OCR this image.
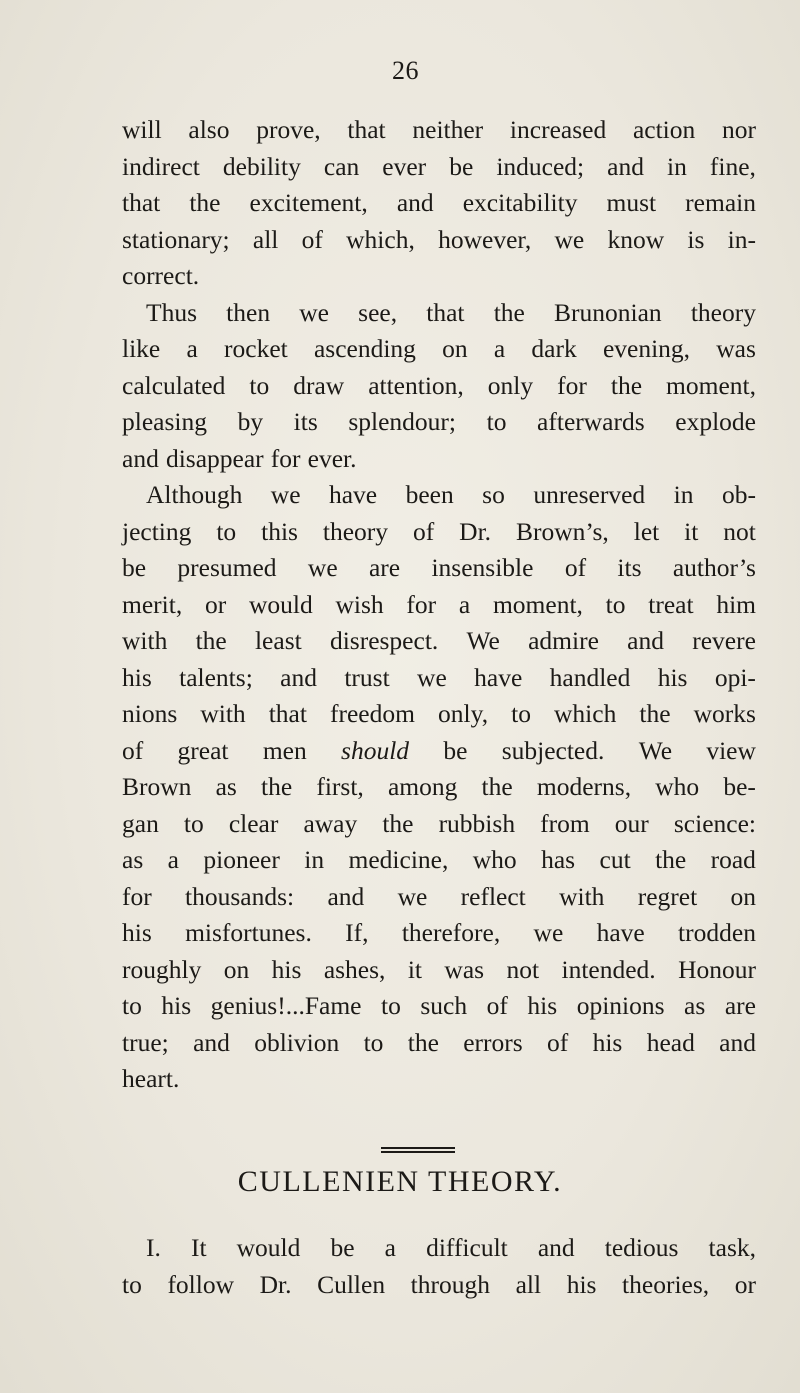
26
will also prove, that neither increased action nor
indirect debility can ever be induced; and in fine,
that the excitement, and excitability must remain
stationary; all of which, however, we know is in-
correct.
Thus then we see, that the Brunonian theory
like a rocket ascending on a dark evening, was
calculated to draw attention, only for the moment,
pleasing by its splendour; to afterwards explode
and disappear for ever.
Although we have been so unreserved in ob-
jecting to this theory of Dr. Brown’s, let it not
be presumed we are insensible of its author’s
merit, or would wish for a moment, to treat him
with the least disrespect. We admire and revere
his talents; and trust we have handled his opi-
nions with that freedom only, to which the works
of great men should be subjected. We view
Brown as the first, among the moderns, who be-
gan to clear away the rubbish from our science:
as a pioneer in medicine, who has cut the road
for thousands: and we reflect with regret on
his misfortunes. If, therefore, we have trodden
roughly on his ashes, it was not intended. Honour
to his genius!...Fame to such of his opinions as are
true; and oblivion to the errors of his head and
heart.
CULLENIEN THEORY.
I. It would be a difficult and tedious task,
to follow Dr. Cullen through all his theories, or
